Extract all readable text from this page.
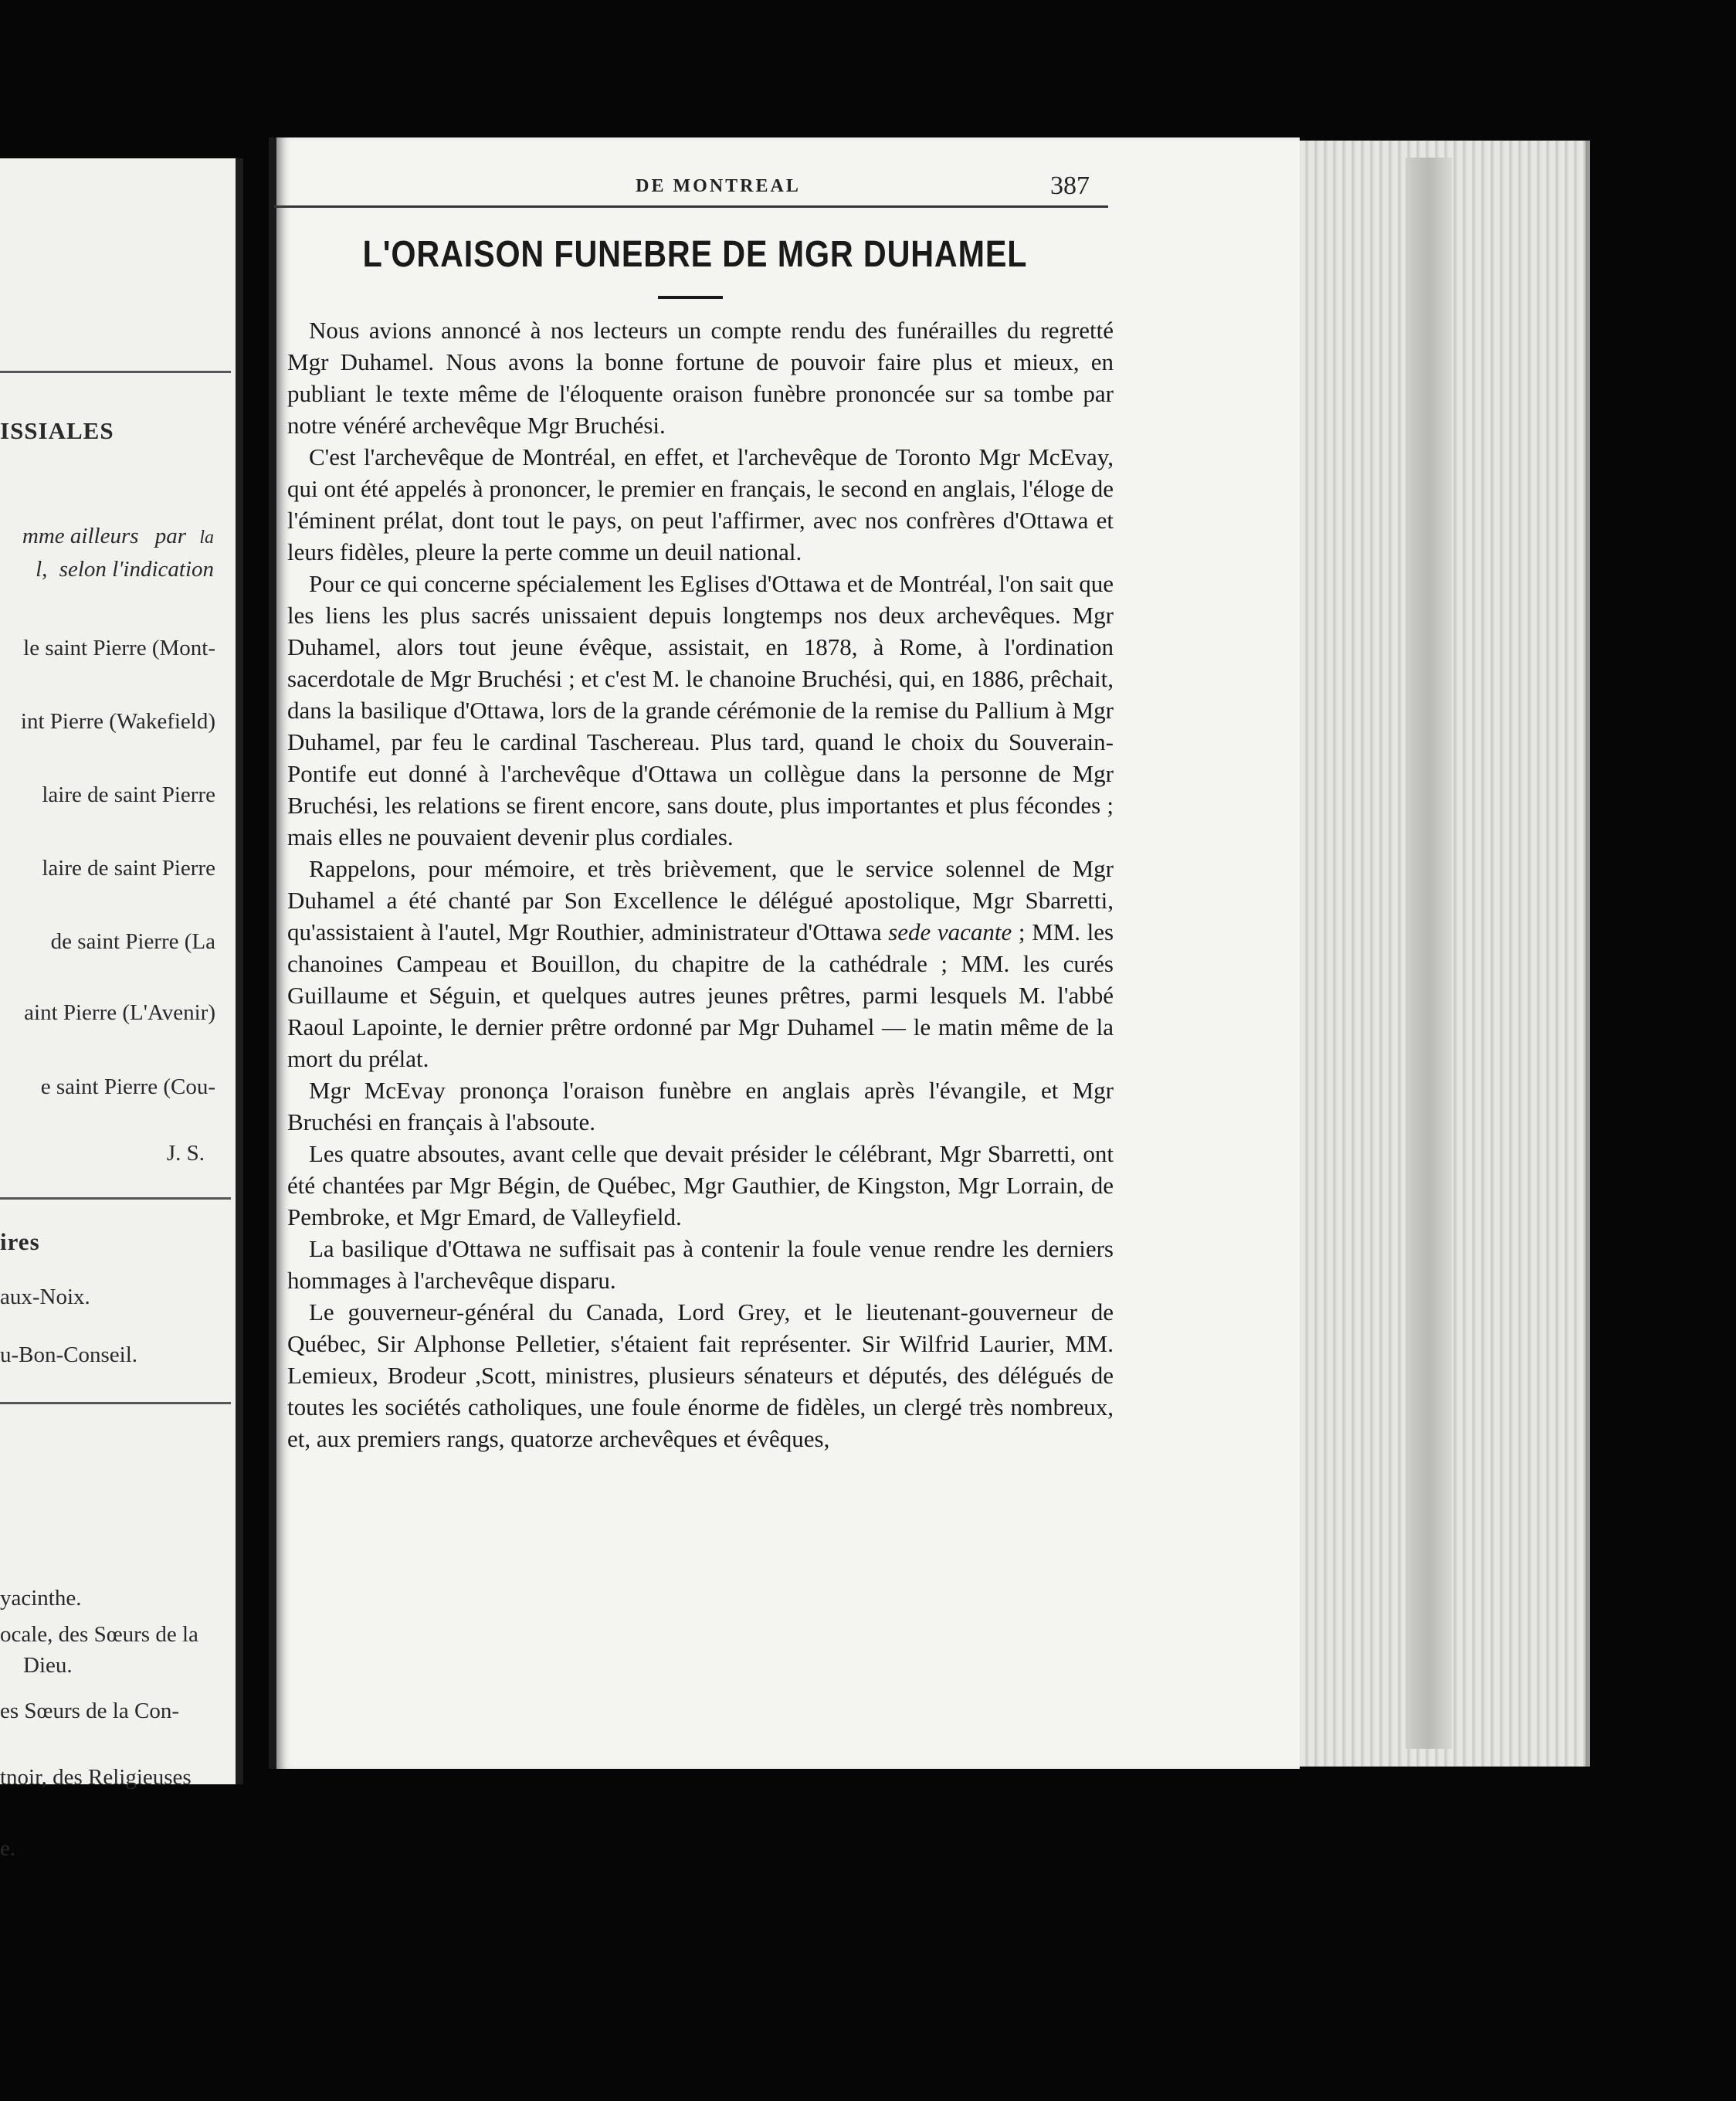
ISSIALES
mme ailleurs par la
l, selon l'indication
le saint Pierre (Mont-
int Pierre (Wakefield)
laire de saint Pierre
laire de saint Pierre
de saint Pierre (La
aint Pierre (L'Avenir)
e saint Pierre (Cou-
J. S.
ires
aux-Noix.
u-Bon-Conseil.
yacinthe.
ocale, des Sœurs de la
Dieu.
es Sœurs de la Con-
tnoir, des Religieuses
e.
DE MONTREAL	387
L'ORAISON FUNEBRE DE MGR DUHAMEL

Nous avions annoncé à nos lecteurs un compte rendu des funérailles du regretté Mgr Duhamel. Nous avons la bonne fortune de pouvoir faire plus et mieux, en publiant le texte même de l'éloquente oraison funèbre prononcée sur sa tombe par notre vénéré archevêque Mgr Bruchési.

C'est l'archevêque de Montréal, en effet, et l'archevêque de Toronto Mgr McEvay, qui ont été appelés à prononcer, le premier en français, le second en anglais, l'éloge de l'éminent prélat, dont tout le pays, on peut l'affirmer, avec nos confrères d'Ottawa et leurs fidèles, pleure la perte comme un deuil national.

Pour ce qui concerne spécialement les Eglises d'Ottawa et de Montréal, l'on sait que les liens les plus sacrés unissaient depuis longtemps nos deux archevêques. Mgr Duhamel, alors tout jeune évêque, assistait, en 1878, à Rome, à l'ordination sacerdotale de Mgr Bruchési ; et c'est M. le chanoine Bruchési, qui, en 1886, prêchait, dans la basilique d'Ottawa, lors de la grande cérémonie de la remise du Pallium à Mgr Duhamel, par feu le cardinal Taschereau. Plus tard, quand le choix du Souverain-Pontife eut donné à l'archevêque d'Ottawa un collègue dans la personne de Mgr Bruchési, les relations se firent encore, sans doute, plus importantes et plus fécondes ; mais elles ne pouvaient devenir plus cordiales.

Rappelons, pour mémoire, et très brièvement, que le service solennel de Mgr Duhamel a été chanté par Son Excellence le délégué apostolique, Mgr Sbarretti, qu'assistaient à l'autel, Mgr Routhier, administrateur d'Ottawa sede vacante ; MM. les chanoines Campeau et Bouillon, du chapitre de la cathédrale ; MM. les curés Guillaume et Séguin, et quelques autres jeunes prêtres, parmi lesquels M. l'abbé Raoul Lapointe, le dernier prêtre ordonné par Mgr Duhamel — le matin même de la mort du prélat.

Mgr McEvay prononça l'oraison funèbre en anglais après l'évangile, et Mgr Bruchési en français à l'absoute.

Les quatre absoutes, avant celle que devait présider le célébrant, Mgr Sbarretti, ont été chantées par Mgr Bégin, de Québec, Mgr Gauthier, de Kingston, Mgr Lorrain, de Pembroke, et Mgr Emard, de Valleyfield.

La basilique d'Ottawa ne suffisait pas à contenir la foule venue rendre les derniers hommages à l'archevêque disparu.

Le gouverneur-général du Canada, Lord Grey, et le lieutenant-gouverneur de Québec, Sir Alphonse Pelletier, s'étaient fait représenter. Sir Wilfrid Laurier, MM. Lemieux, Brodeur ,Scott, ministres, plusieurs sénateurs et députés, des délégués de toutes les sociétés catholiques, une foule énorme de fidèles, un clergé très nombreux, et, aux premiers rangs, quatorze archevêques et évêques,
